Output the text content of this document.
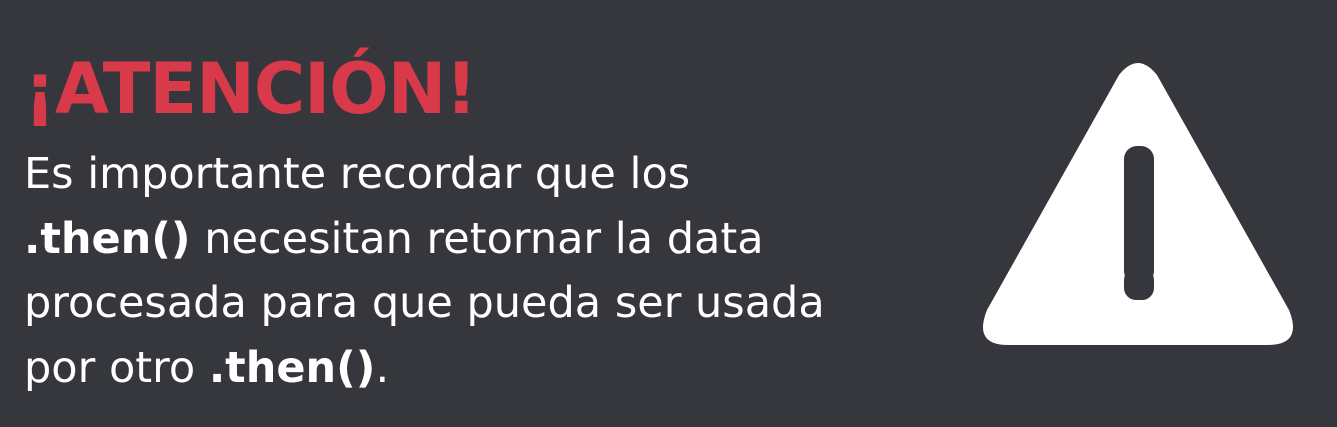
¡ATENCIÓN!

Es importante recordar que los
.then() necesitan retornar la data
procesada para que pueda ser usada
por otro .then().
